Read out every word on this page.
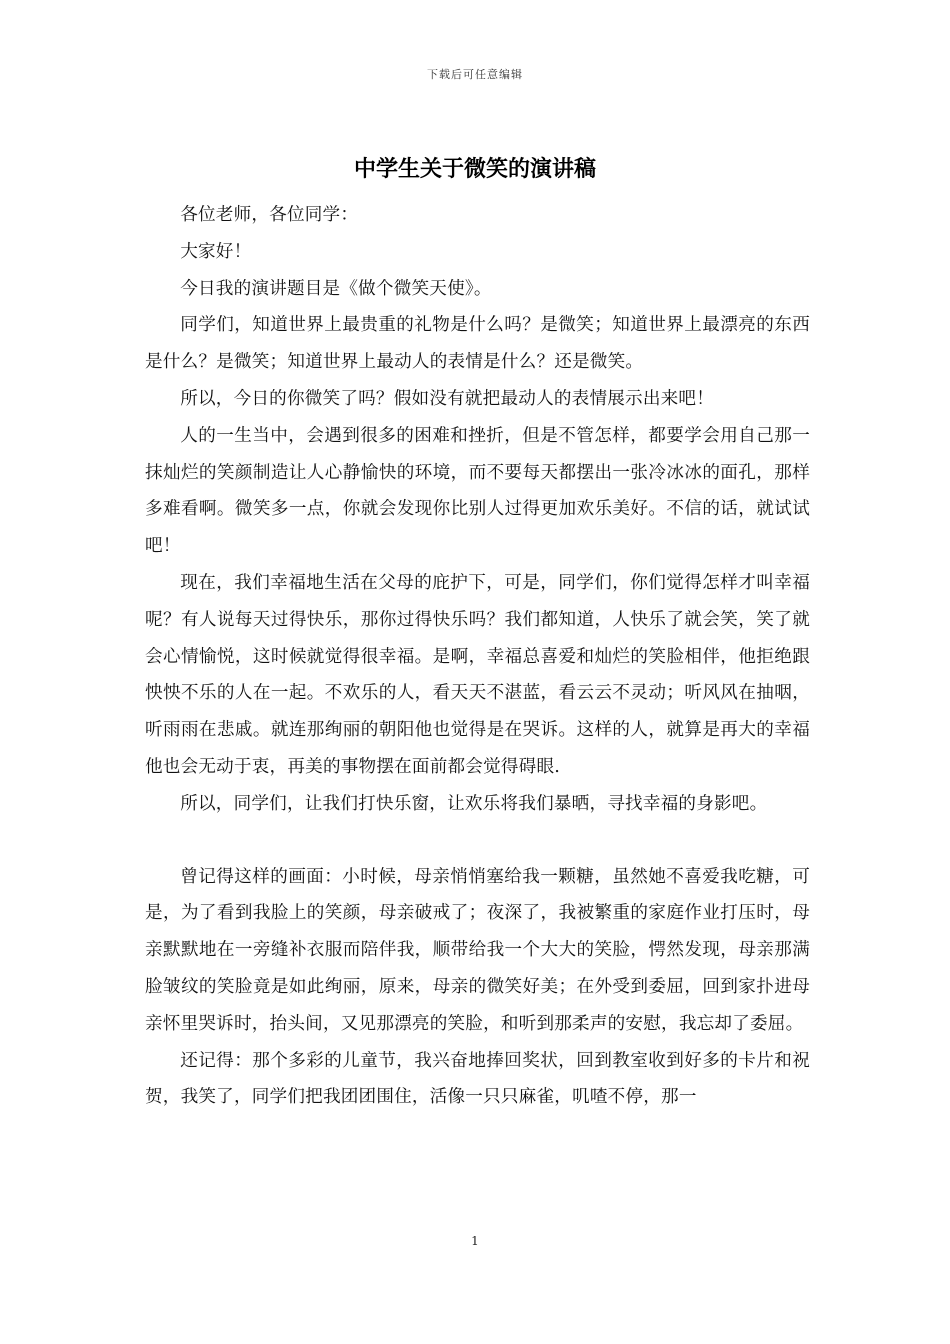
下载后可任意编辑
中学生关于微笑的演讲稿

各位老师，各位同学：

大家好！

今日我的演讲题目是《做个微笑天使》。

同学们，知道世界上最贵重的礼物是什么吗？是微笑；知道世界上最漂亮的东西是什么？是微笑；知道世界上最动人的表情是什么？还是微笑。

所以，今日的你微笑了吗？假如没有就把最动人的表情展示出来吧！

人的一生当中，会遇到很多的困难和挫折，但是不管怎样，都要学会用自己那一抹灿烂的笑颜制造让人心静愉快的环境，而不要每天都摆出一张冷冰冰的面孔，那样多难看啊。微笑多一点，你就会发现你比别人过得更加欢乐美好。不信的话，就试试吧！

现在，我们幸福地生活在父母的庇护下，可是，同学们，你们觉得怎样才叫幸福呢？有人说每天过得快乐，那你过得快乐吗？我们都知道，人快乐了就会笑，笑了就会心情愉悦，这时候就觉得很幸福。是啊，幸福总喜爱和灿烂的笑脸相伴，他拒绝跟怏怏不乐的人在一起。不欢乐的人，看天天不湛蓝，看云云不灵动；听风风在抽咽，听雨雨在悲戚。就连那绚丽的朝阳他也觉得是在哭诉。这样的人，就算是再大的幸福他也会无动于衷，再美的事物摆在面前都会觉得碍眼.

所以，同学们，让我们打快乐窗，让欢乐将我们暴晒，寻找幸福的身影吧。

曾记得这样的画面：小时候，母亲悄悄塞给我一颗糖，虽然她不喜爱我吃糖，可是，为了看到我脸上的笑颜，母亲破戒了；夜深了，我被繁重的家庭作业打压时，母亲默默地在一旁缝补衣服而陪伴我，顺带给我一个大大的笑脸，愕然发现，母亲那满脸皱纹的笑脸竟是如此绚丽，原来，母亲的微笑好美；在外受到委屈，回到家扑进母亲怀里哭诉时，抬头间，又见那漂亮的笑脸，和听到那柔声的安慰，我忘却了委屈。

还记得：那个多彩的儿童节，我兴奋地捧回奖状，回到教室收到好多的卡片和祝贺，我笑了，同学们把我团团围住，活像一只只麻雀，叽喳不停，那一

1
